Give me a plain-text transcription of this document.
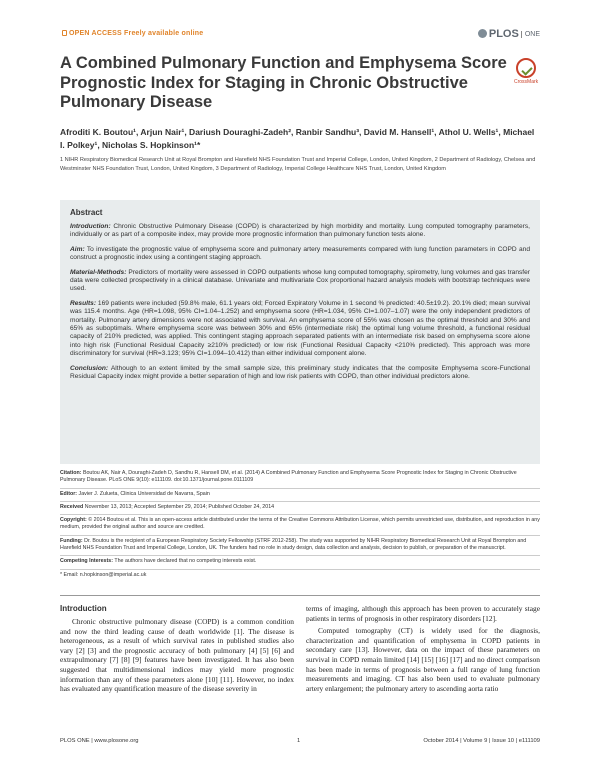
OPEN ACCESS Freely available online	PLOS ONE
A Combined Pulmonary Function and Emphysema Score Prognostic Index for Staging in Chronic Obstructive Pulmonary Disease
CrossMark
Afroditi K. Boutou¹, Arjun Nair¹, Dariush Douraghi-Zadeh², Ranbir Sandhu³, David M. Hansell¹, Athol U. Wells¹, Michael I. Polkey¹, Nicholas S. Hopkinson¹*
1 NIHR Respiratory Biomedical Research Unit at Royal Brompton and Harefield NHS Foundation Trust and Imperial College, London, United Kingdom, 2 Department of Radiology, Chelsea and Westminster NHS Foundation Trust, London, United Kingdom, 3 Department of Radiology, Imperial College Healthcare NHS Trust, London, United Kingdom
Abstract

Introduction: Chronic Obstructive Pulmonary Disease (COPD) is characterized by high morbidity and mortality. Lung computed tomography parameters, individually or as part of a composite index, may provide more prognostic information than pulmonary function tests alone.

Aim: To investigate the prognostic value of emphysema score and pulmonary artery measurements compared with lung function parameters in COPD and construct a prognostic index using a contingent staging approach.

Material-Methods: Predictors of mortality were assessed in COPD outpatients whose lung computed tomography, spirometry, lung volumes and gas transfer data were collected prospectively in a clinical database. Univariate and multivariate Cox proportional hazard analysis models with bootstrap techniques were used.

Results: 169 patients were included (59.8% male, 61.1 years old; Forced Expiratory Volume in 1 second % predicted: 40.5±19.2). 20.1% died; mean survival was 115.4 months. Age (HR=1.098, 95% CI=1.04–1.252) and emphysema score (HR=1.034, 95% CI=1.007–1.07) were the only independent predictors of mortality. Pulmonary artery dimensions were not associated with survival. An emphysema score of 55% was chosen as the optimal threshold and 30% and 65% as suboptimals. Where emphysema score was between 30% and 65% (intermediate risk) the optimal lung volume threshold, a functional residual capacity of 210% predicted, was applied. This contingent staging approach separated patients with an intermediate risk based on emphysema score alone into high risk (Functional Residual Capacity ≥210% predicted) or low risk (Functional Residual Capacity <210% predicted). This approach was more discriminatory for survival (HR=3.123; 95% CI=1.094–10.412) than either individual component alone.

Conclusion: Although to an extent limited by the small sample size, this preliminary study indicates that the composite Emphysema score-Functional Residual Capacity index might provide a better separation of high and low risk patients with COPD, than other individual predictors alone.

Citation: Boutou AK, Nair A, Douraghi-Zadeh D, Sandhu R, Hansell DM, et al. (2014) A Combined Pulmonary Function and Emphysema Score Prognostic Index for Staging in Chronic Obstructive Pulmonary Disease. PLoS ONE 9(10): e111109. doi:10.1371/journal.pone.0111109
Editor: Javier J. Zulueta, Clinica Universidad de Navarra, Spain
Received November 13, 2013; Accepted September 29, 2014; Published October 24, 2014
Copyright: © 2014 Boutou et al. This is an open-access article distributed under the terms of the Creative Commons Attribution License, which permits unrestricted use, distribution, and reproduction in any medium, provided the original author and source are credited.
Funding: Dr. Boutou is the recipient of a European Respiratory Society Fellowship (STRF 2012-258). The study was supported by NIHR Respiratory Biomedical Research Unit at Royal Brompton and Harefield NHS Foundation Trust and Imperial College, London, UK. The funders had no role in study design, data collection and analysis, decision to publish, or preparation of the manuscript.
Competing Interests: The authors have declared that no competing interests exist.
* Email: n.hopkinson@imperial.ac.uk
Introduction

Chronic obstructive pulmonary disease (COPD) is a common condition and now the third leading cause of death worldwide [1]. The disease is heterogeneous, as a result of which survival rates in published studies also vary [2] [3] and the prognostic accuracy of both pulmonary [4] [5] [6] and extrapulmonary [7] [8] [9] features have been investigated. It has also been suggested that multidimensional indices may yield more prognostic information than any of these parameters alone [10] [11]. However, no index has evaluated any quantification measure of the disease severity in

terms of imaging, although this approach has been proven to accurately stage patients in terms of prognosis in other respiratory disorders [12].

Computed tomography (CT) is widely used for the diagnosis, characterization and quantification of emphysema in COPD patients in secondary care [13]. However, data on the impact of these parameters on survival in COPD remain limited [14] [15] [16] [17] and no direct comparison has been made in terms of prognosis between a full range of lung function measurements and imaging. CT has also been used to evaluate pulmonary artery enlargement; the pulmonary artery to ascending aorta ratio

PLOS ONE | www.plosone.org	1	October 2014 | Volume 9 | Issue 10 | e111109
